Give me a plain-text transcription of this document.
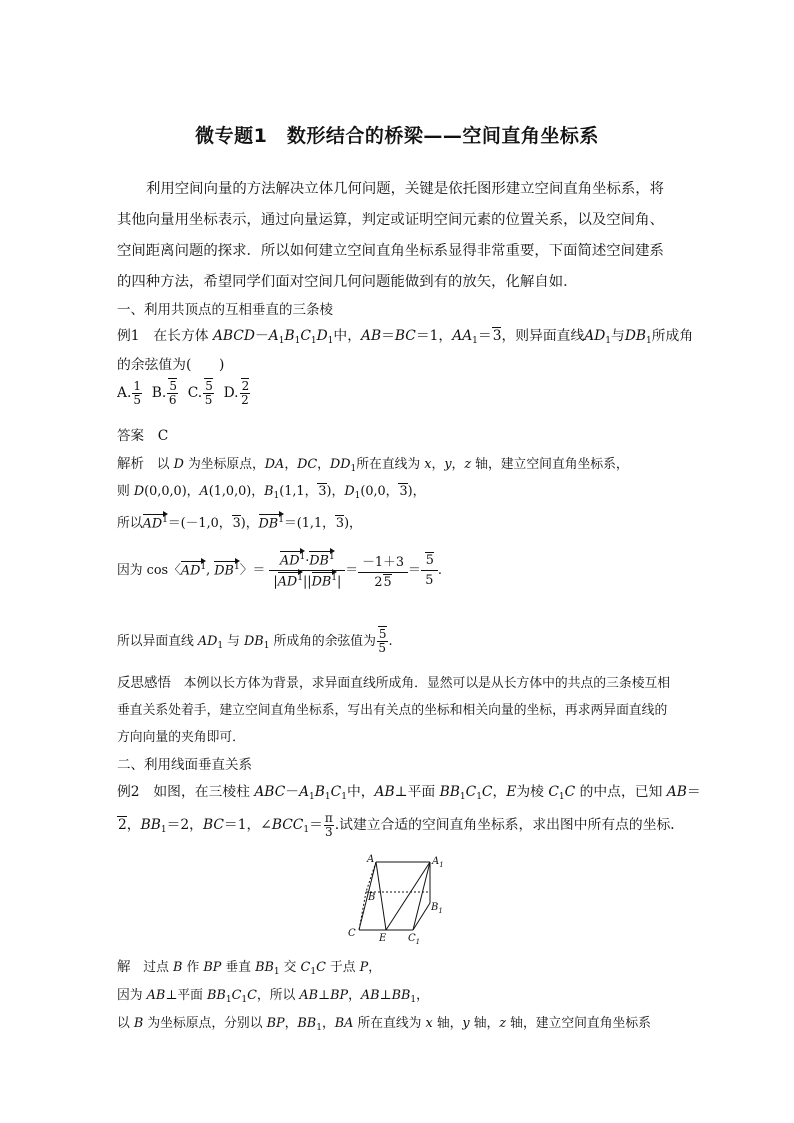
微专题1　数形结合的桥梁——空间直角坐标系
利用空间向量的方法解决立体几何问题，关键是依托图形建立空间直角坐标系，将其他向量用坐标表示，通过向量运算，判定或证明空间元素的位置关系，以及空间角、空间距离问题的探求．所以如何建立空间直角坐标系显得非常重要，下面简述空间建系的四种方法，希望同学们面对空间几何问题能做到有的放矢，化解自如．
一、利用共顶点的互相垂直的三条棱
例1　在长方体 $ABCD-A_1B_1C_1D_1$中，AB＝BC＝1，$AA_1=3$，则异面直线$AD_1$与$DB_1$所成角
的余弦值为(　　)
A. $\frac{1}{5} B$. $\frac{5}{6} C$. $\frac{5}{5} D$. $\frac{2}{2}$
答案　 C
解析　以 D 为坐标原点，DA，DC，$DD_1$所在直线为 x，y，z 轴，建立空间直角坐标系，
则 D(0,0,0)，A(1,0,0)，$B_1(1,1$，3)，$D_1(0,0$，3)，
所以$AD^1=(-1,0$，3)，$DB^1=(1,1$，3)，
因为 cos〈$AD^1$, $DB^1$〉＝ $\frac{AD^1\cdot DB^1}{|AD^1||DB^1|} = \frac{-1+3}{25} = \frac{5}{5}$ .
所以异面直线 $AD_1$ 与 $DB_1$ 所成角的余弦值为 $\frac{5}{5}$ .
反思感悟　 本例以长方体为背景，求异面直线所成角．显然可以是从长方体中的共点的三条棱互相垂直关系处着手，建立空间直角坐标系，写出有关点的坐标和相关向量的坐标，再求两异面直线的方向向量的夹角即可．
二、利用线面垂直关系
例2　如图，在三棱柱 $ABC-A_1B_1C_1$中，AB⊥平面 $BB_1C_1C$，E为棱 $C_1C$ 的中点，已知 AB＝
2，$BB_1=2$，BC＝1，$\angle BCC_1= \frac{\pi}{3}$ .试建立合适的空间直角坐标系，求出图中所有点的坐标．
A	$A_1$
B
$B_1$
C E $C_1$
解　过点 B 作 BP 垂直 $BB_1$ 交 $C_1C$ 于点 P，
因为 AB⊥平面 $BB_1C_1C$，所以 AB⊥BP，$AB\perp BB_1$，
以 B 为坐标原点，分别以 BP，$BB_1$，BA 所在直线为 x 轴，y 轴，z 轴，建立空间直角坐标系
